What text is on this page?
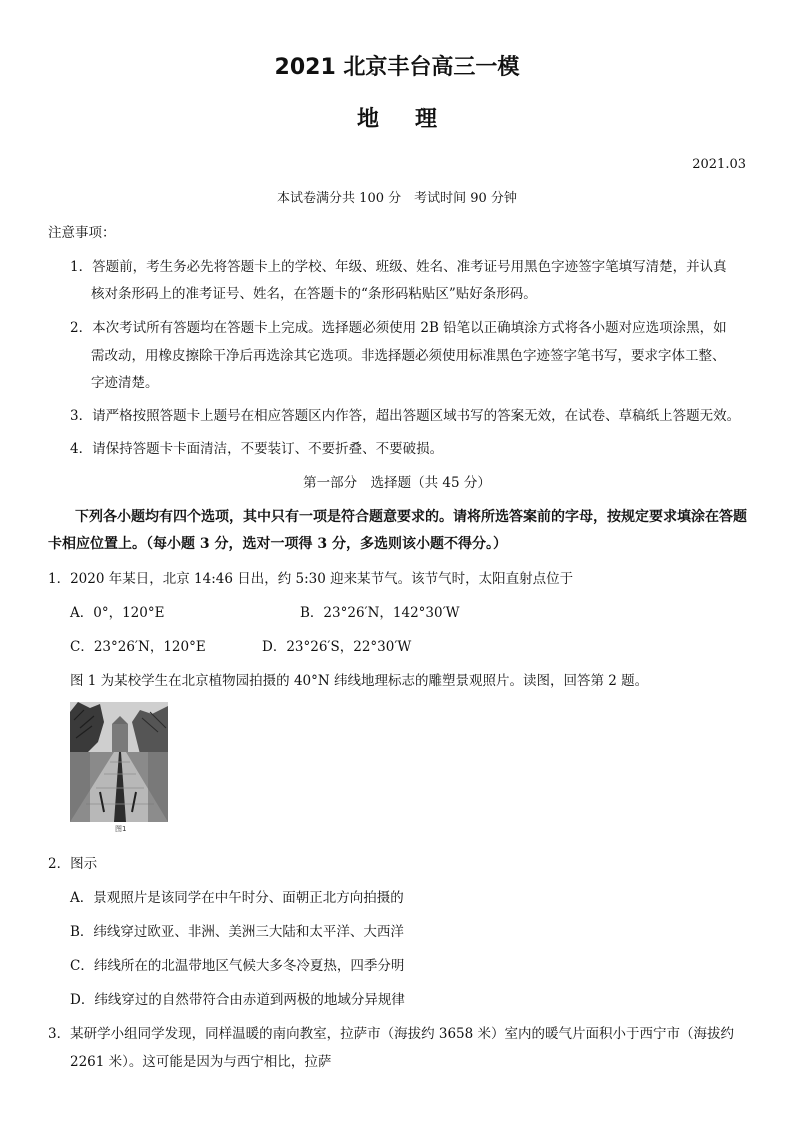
2021 北京丰台高三一模
地理
2021.03
本试卷满分共 100 分　考试时间 90 分钟
注意事项：
1．答题前，考生务必先将答题卡上的学校、年级、班级、姓名、准考证号用黑色字迹签字笔填写清楚，并认真
核对条形码上的准考证号、姓名，在答题卡的“条形码粘贴区”贴好条形码。
2．本次考试所有答题均在答题卡上完成。选择题必须使用 2B 铅笔以正确填涂方式将各小题对应选项涂黑，如
需改动，用橡皮擦除干净后再选涂其它选项。非选择题必须使用标准黑色字迹签字笔书写，要求字体工整、
字迹清楚。
3．请严格按照答题卡上题号在相应答题区内作答，超出答题区域书写的答案无效，在试卷、草稿纸上答题无效。
4．请保持答题卡卡面清洁，不要装订、不要折叠、不要破损。
第一部分　选择题（共 45 分）
下列各小题均有四个选项，其中只有一项是符合题意要求的。请将所选答案前的字母，按规定要求填涂在答题
卡相应位置上。（每小题 3 分，选对一项得 3 分，多选则该小题不得分。）
1．2020 年某日，北京 14:46 日出，约 5:30 迎来某节气。该节气时，太阳直射点位于
A．0°，120°E	B．23°26′N，142°30′W
C．23°26′N，120°E	D．23°26′S，22°30′W
图 1 为某校学生在北京植物园拍摄的 40°N 纬线地理标志的雕塑景观照片。读图，回答第 2 题。
图1
2．图示
A．景观照片是该同学在中午时分、面朝正北方向拍摄的
B．纬线穿过欧亚、非洲、美洲三大陆和太平洋、大西洋
C．纬线所在的北温带地区气候大多冬冷夏热，四季分明
D．纬线穿过的自然带符合由赤道到两极的地域分异规律
3．某研学小组同学发现，同样温暖的南向教室，拉萨市（海拔约 3658 米）室内的暖气片面积小于西宁市（海拔约
2261 米）。这可能是因为与西宁相比，拉萨
